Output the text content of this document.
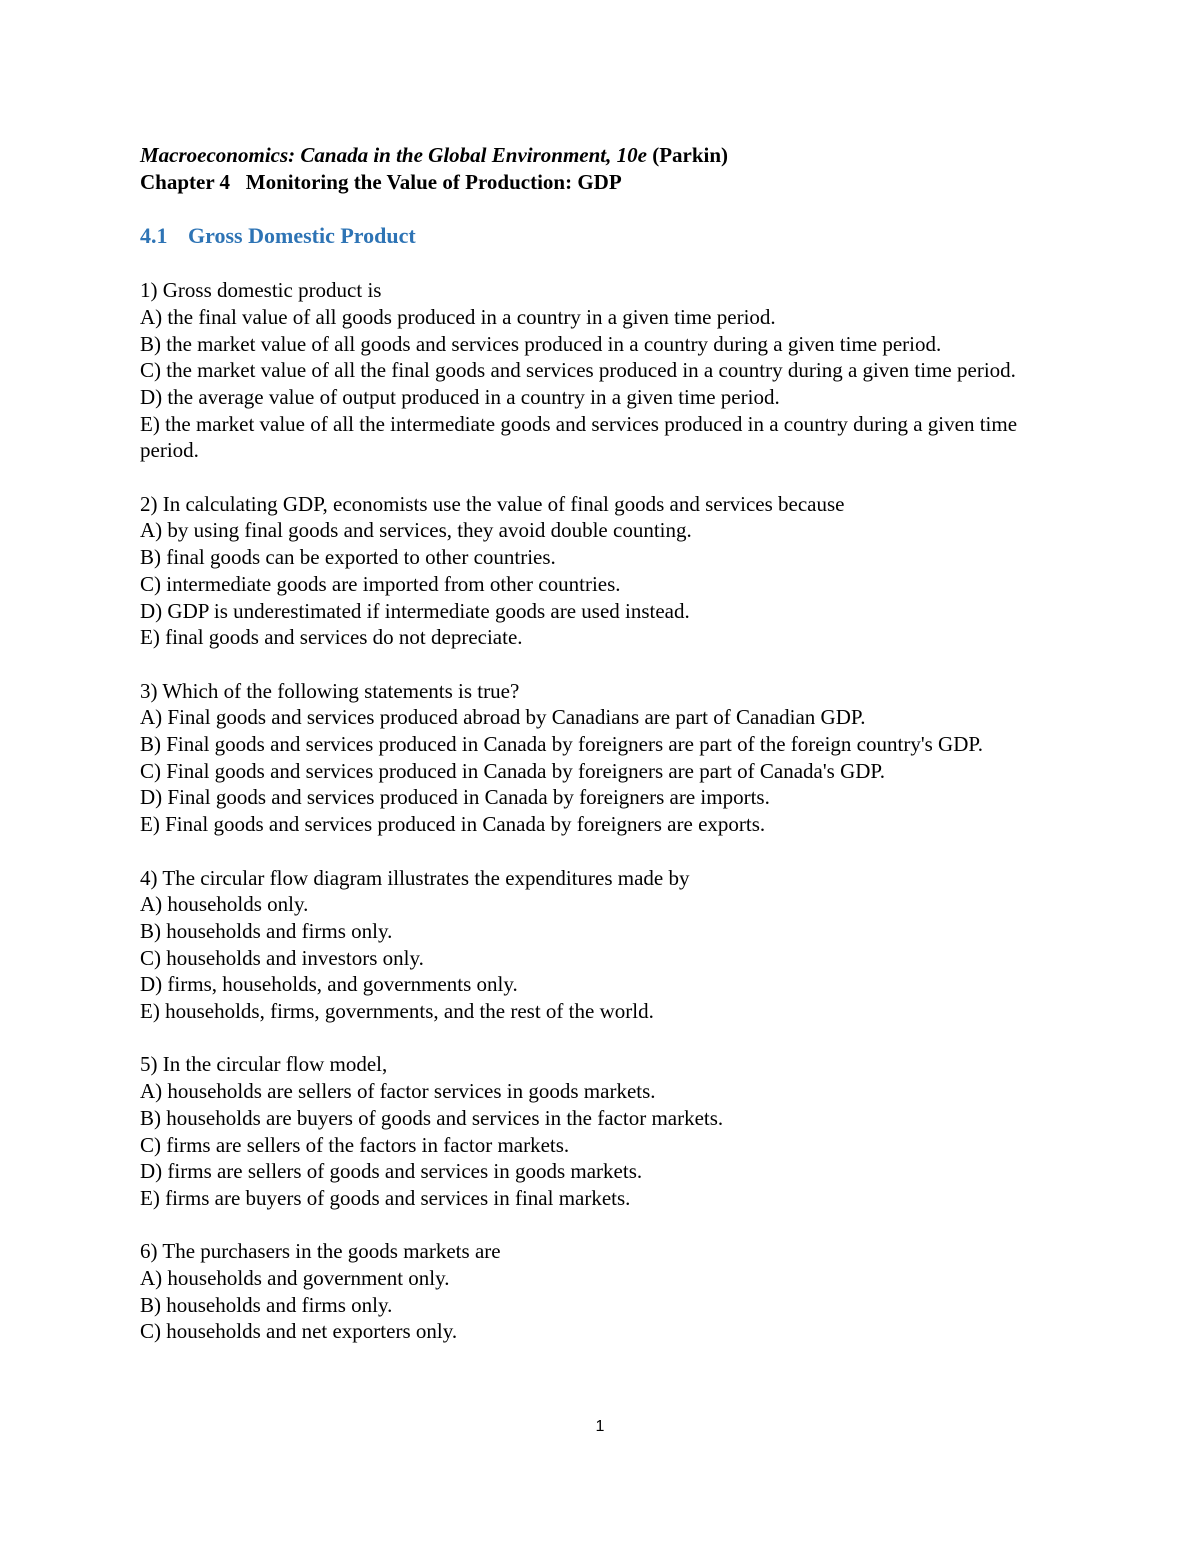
Macroeconomics: Canada in the Global Environment, 10e (Parkin)

Chapter 4 Monitoring the Value of Production: GDP

4.1 Gross Domestic Product

1) Gross domestic product is

A) the final value of all goods produced in a country in a given time period.

B) the market value of all goods and services produced in a country during a given time period.

C) the market value of all the final goods and services produced in a country during a given time period.

D) the average value of output produced in a country in a given time period.

E) the market value of all the intermediate goods and services produced in a country during a given time period.

2) In calculating GDP, economists use the value of final goods and services because

A) by using final goods and services, they avoid double counting.

B) final goods can be exported to other countries.

C) intermediate goods are imported from other countries.

D) GDP is underestimated if intermediate goods are used instead.

E) final goods and services do not depreciate.

3) Which of the following statements is true?

A) Final goods and services produced abroad by Canadians are part of Canadian GDP.

B) Final goods and services produced in Canada by foreigners are part of the foreign country's GDP.

C) Final goods and services produced in Canada by foreigners are part of Canada's GDP.

D) Final goods and services produced in Canada by foreigners are imports.

E) Final goods and services produced in Canada by foreigners are exports.

4) The circular flow diagram illustrates the expenditures made by

A) households only.

B) households and firms only.

C) households and investors only.

D) firms, households, and governments only.

E) households, firms, governments, and the rest of the world.

5) In the circular flow model,

A) households are sellers of factor services in goods markets.

B) households are buyers of goods and services in the factor markets.

C) firms are sellers of the factors in factor markets.

D) firms are sellers of goods and services in goods markets.

E) firms are buyers of goods and services in final markets.

6) The purchasers in the goods markets are

A) households and government only.

B) households and firms only.

C) households and net exporters only.

1
